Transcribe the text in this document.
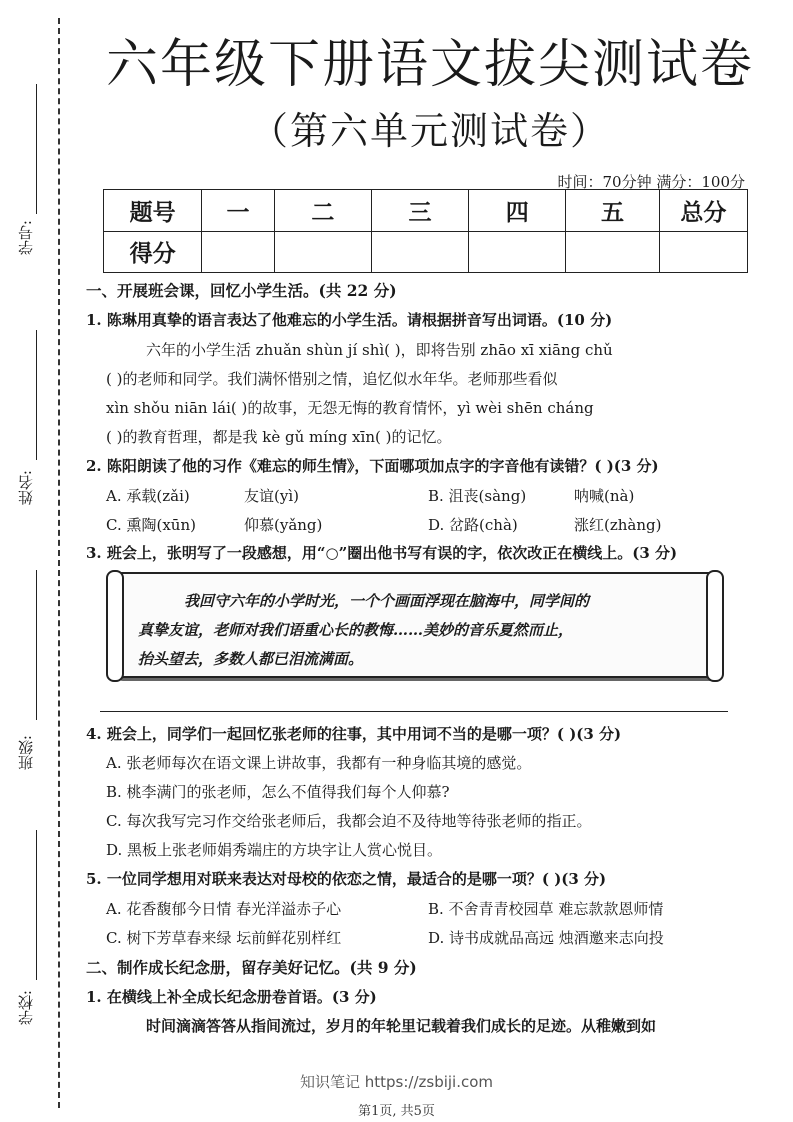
学号:
姓名:
班级:
学校:
六年级下册语文拔尖测试卷
（第六单元测试卷）
时间：70分钟 满分：100分
题号	一	二	三	四	五	总分
得分						
一、开展班会课，回忆小学生活。(共 22 分)
1. 陈琳用真挚的语言表达了他难忘的小学生活。请根据拼音写出词语。(10 分)
六年的小学生活 zhuǎn shùn jí shì( )，即将告别 zhāo xī xiāng chǔ
( )的老师和同学。我们满怀惜别之情，追忆似水年华。老师那些看似
xìn shǒu niān lái( )的故事，无怨无悔的教育情怀，yì wèi shēn cháng
( )的教育哲理，都是我 kè gǔ míng xīn( )的记忆。
2. 陈阳朗读了他的习作《难忘的师生情》，下面哪项加点字的字音他有读错？( )(3 分)
A. 承载(zǎi)	友谊(yì)	B. 沮丧(sàng)	呐喊(nà)
C. 熏陶(xūn)	仰慕(yǎng)	D. 岔路(chà)	涨红(zhàng)
3. 班会上，张明写了一段感想，用“○”圈出他书写有误的字，依次改正在横线上。(3 分)
我回守六年的小学时光，一个个画面浮现在脑海中，同学间的
真挚友谊，老师对我们语重心长的教悔……美妙的音乐夏然而止，
抬头望去，多数人都已泪流满面。
4. 班会上，同学们一起回忆张老师的往事，其中用词不当的是哪一项？( )(3 分)
A. 张老师每次在语文课上讲故事，我都有一种身临其境的感觉。
B. 桃李满门的张老师，怎么不值得我们每个人仰慕?
C. 每次我写完习作交给张老师后，我都会迫不及待地等待张老师的指正。
D. 黑板上张老师娟秀端庄的方块字让人赏心悦目。
5. 一位同学想用对联来表达对母校的依恋之情，最适合的是哪一项？( )(3 分)
A. 花香馥郁今日情 春光洋溢赤子心	B. 不舍青青校园草 难忘款款恩师情
C. 树下芳草春来绿 坛前鲜花别样红	D. 诗书成就品高远 烛酒邀来志向投
二、制作成长纪念册，留存美好记忆。(共 9 分)
1. 在横线上补全成长纪念册卷首语。(3 分)
时间滴滴答答从指间流过，岁月的年轮里记载着我们成长的足迹。从稚嫩到如
知识笔记 https://zsbiji.com
第1页, 共5页
